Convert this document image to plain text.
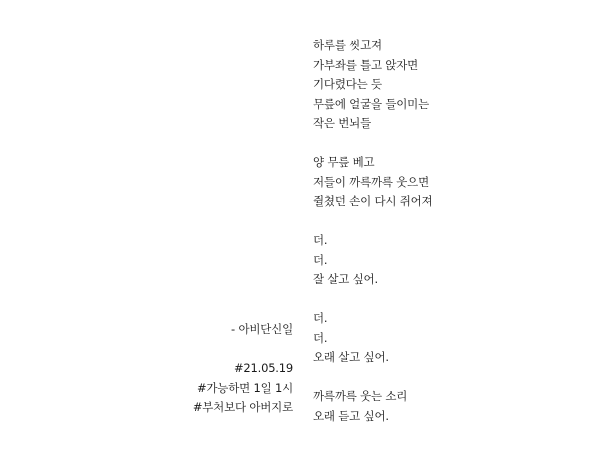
하루를 씻고져
가부좌를 틀고 앉자면
기다렸다는 듯
무릎에 얼굴을 들이미는
작은 번뇌들
양 무릎 베고
저들이 까륵까륵 웃으면
쥘쳤던 손이 다시 쥐어져
더.
더.
잘 살고 싶어.
더.
더.
오래 살고 싶어.
까륵까륵 웃는 소리
오래 듣고 싶어.
- 아비단신일
#21.05.19
#가능하면 1일 1시
#부처보다 아버지로
